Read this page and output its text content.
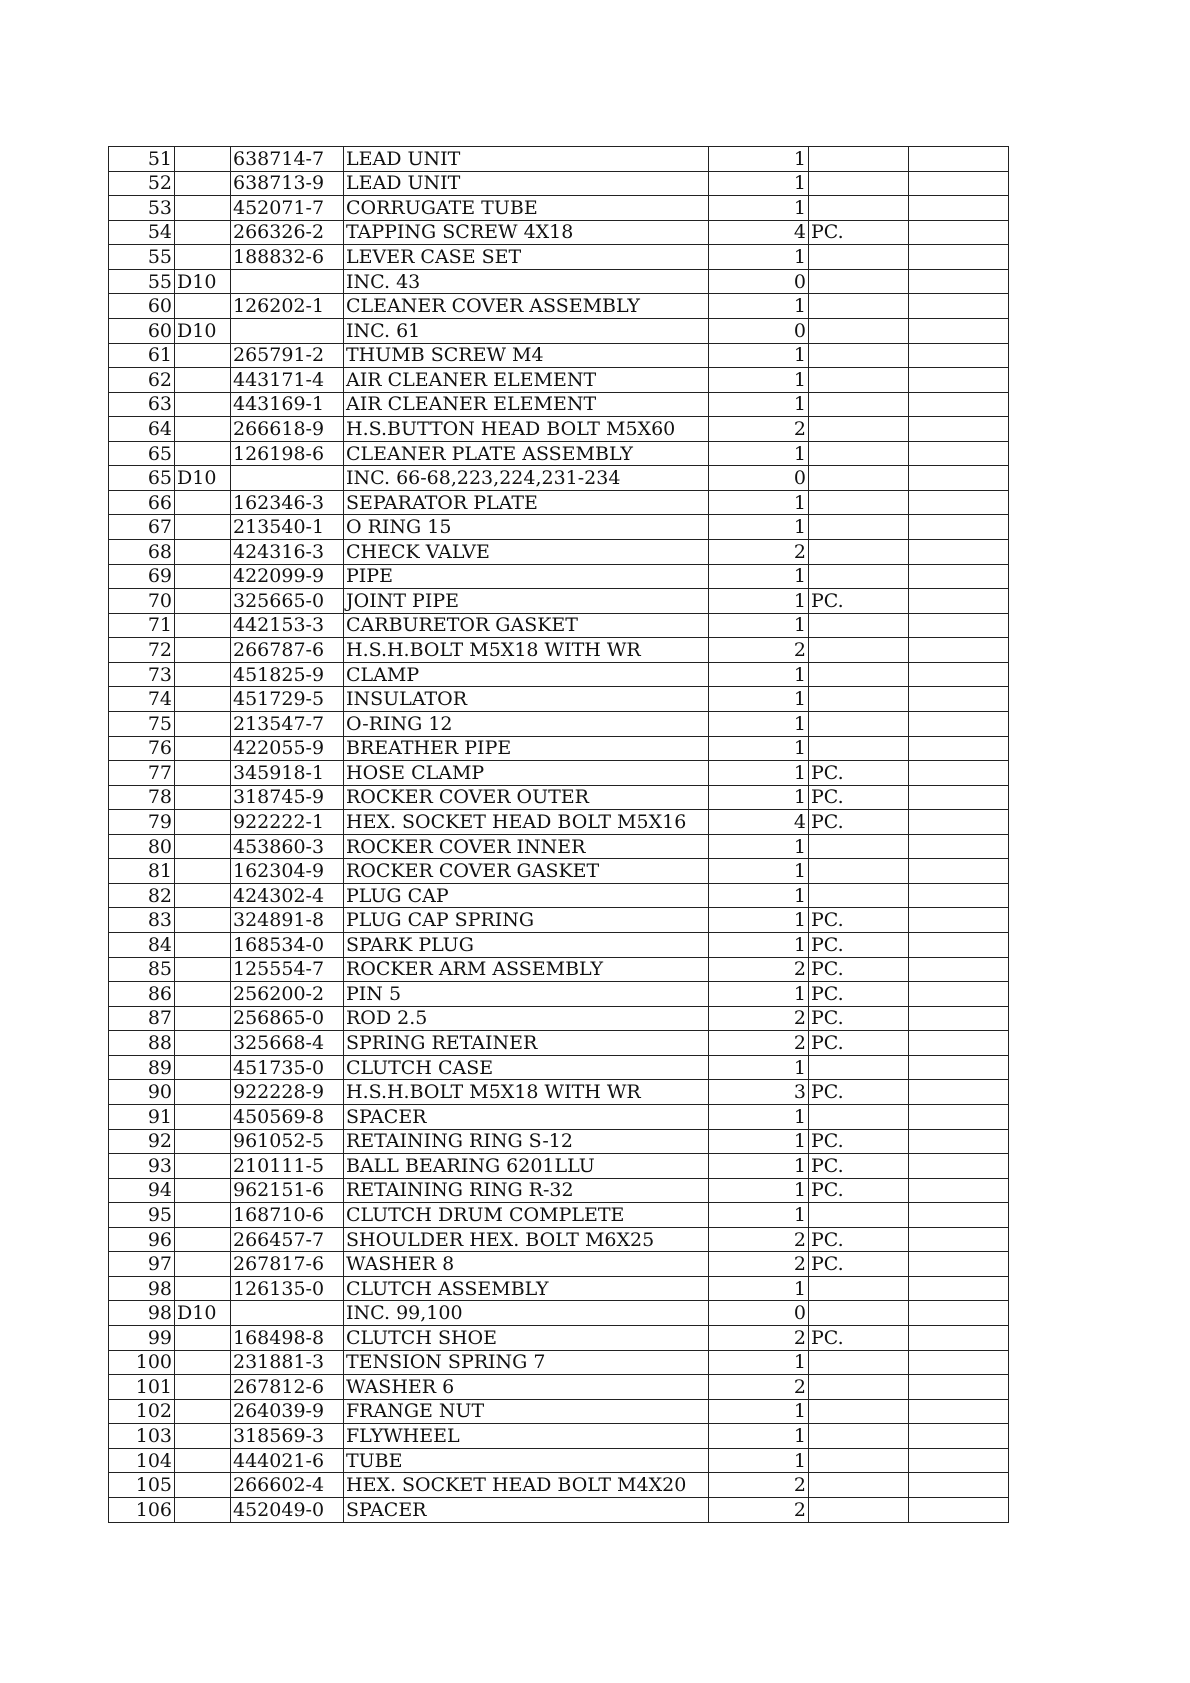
51		638714-7	LEAD UNIT	1		
52		638713-9	LEAD UNIT	1		
53		452071-7	CORRUGATE TUBE	1		
54		266326-2	TAPPING SCREW 4X18	4	PC.	
55		188832-6	LEVER CASE SET	1		
55	D10		INC. 43	0		
60		126202-1	CLEANER COVER ASSEMBLY	1		
60	D10		INC. 61	0		
61		265791-2	THUMB SCREW M4	1		
62		443171-4	AIR CLEANER ELEMENT	1		
63		443169-1	AIR CLEANER ELEMENT	1		
64		266618-9	H.S.BUTTON HEAD BOLT M5X60	2		
65		126198-6	CLEANER PLATE ASSEMBLY	1		
65	D10		INC. 66-68,223,224,231-234	0		
66		162346-3	SEPARATOR PLATE	1		
67		213540-1	O RING 15	1		
68		424316-3	CHECK VALVE	2		
69		422099-9	PIPE	1		
70		325665-0	JOINT PIPE	1	PC.	
71		442153-3	CARBURETOR GASKET	1		
72		266787-6	H.S.H.BOLT M5X18 WITH WR	2		
73		451825-9	CLAMP	1		
74		451729-5	INSULATOR	1		
75		213547-7	O-RING 12	1		
76		422055-9	BREATHER PIPE	1		
77		345918-1	HOSE CLAMP	1	PC.	
78		318745-9	ROCKER COVER OUTER	1	PC.	
79		922222-1	HEX. SOCKET HEAD BOLT M5X16	4	PC.	
80		453860-3	ROCKER COVER INNER	1		
81		162304-9	ROCKER COVER GASKET	1		
82		424302-4	PLUG CAP	1		
83		324891-8	PLUG CAP SPRING	1	PC.	
84		168534-0	SPARK PLUG	1	PC.	
85		125554-7	ROCKER ARM ASSEMBLY	2	PC.	
86		256200-2	PIN 5	1	PC.	
87		256865-0	ROD 2.5	2	PC.	
88		325668-4	SPRING RETAINER	2	PC.	
89		451735-0	CLUTCH CASE	1		
90		922228-9	H.S.H.BOLT M5X18 WITH WR	3	PC.	
91		450569-8	SPACER	1		
92		961052-5	RETAINING RING S-12	1	PC.	
93		210111-5	BALL BEARING 6201LLU	1	PC.	
94		962151-6	RETAINING RING R-32	1	PC.	
95		168710-6	CLUTCH DRUM COMPLETE	1		
96		266457-7	SHOULDER HEX. BOLT M6X25	2	PC.	
97		267817-6	WASHER 8	2	PC.	
98		126135-0	CLUTCH ASSEMBLY	1		
98	D10		INC. 99,100	0		
99		168498-8	CLUTCH SHOE	2	PC.	
100		231881-3	TENSION SPRING 7	1		
101		267812-6	WASHER 6	2		
102		264039-9	FRANGE NUT	1		
103		318569-3	FLYWHEEL	1		
104		444021-6	TUBE	1		
105		266602-4	HEX. SOCKET HEAD BOLT M4X20	2		
106		452049-0	SPACER	2		
